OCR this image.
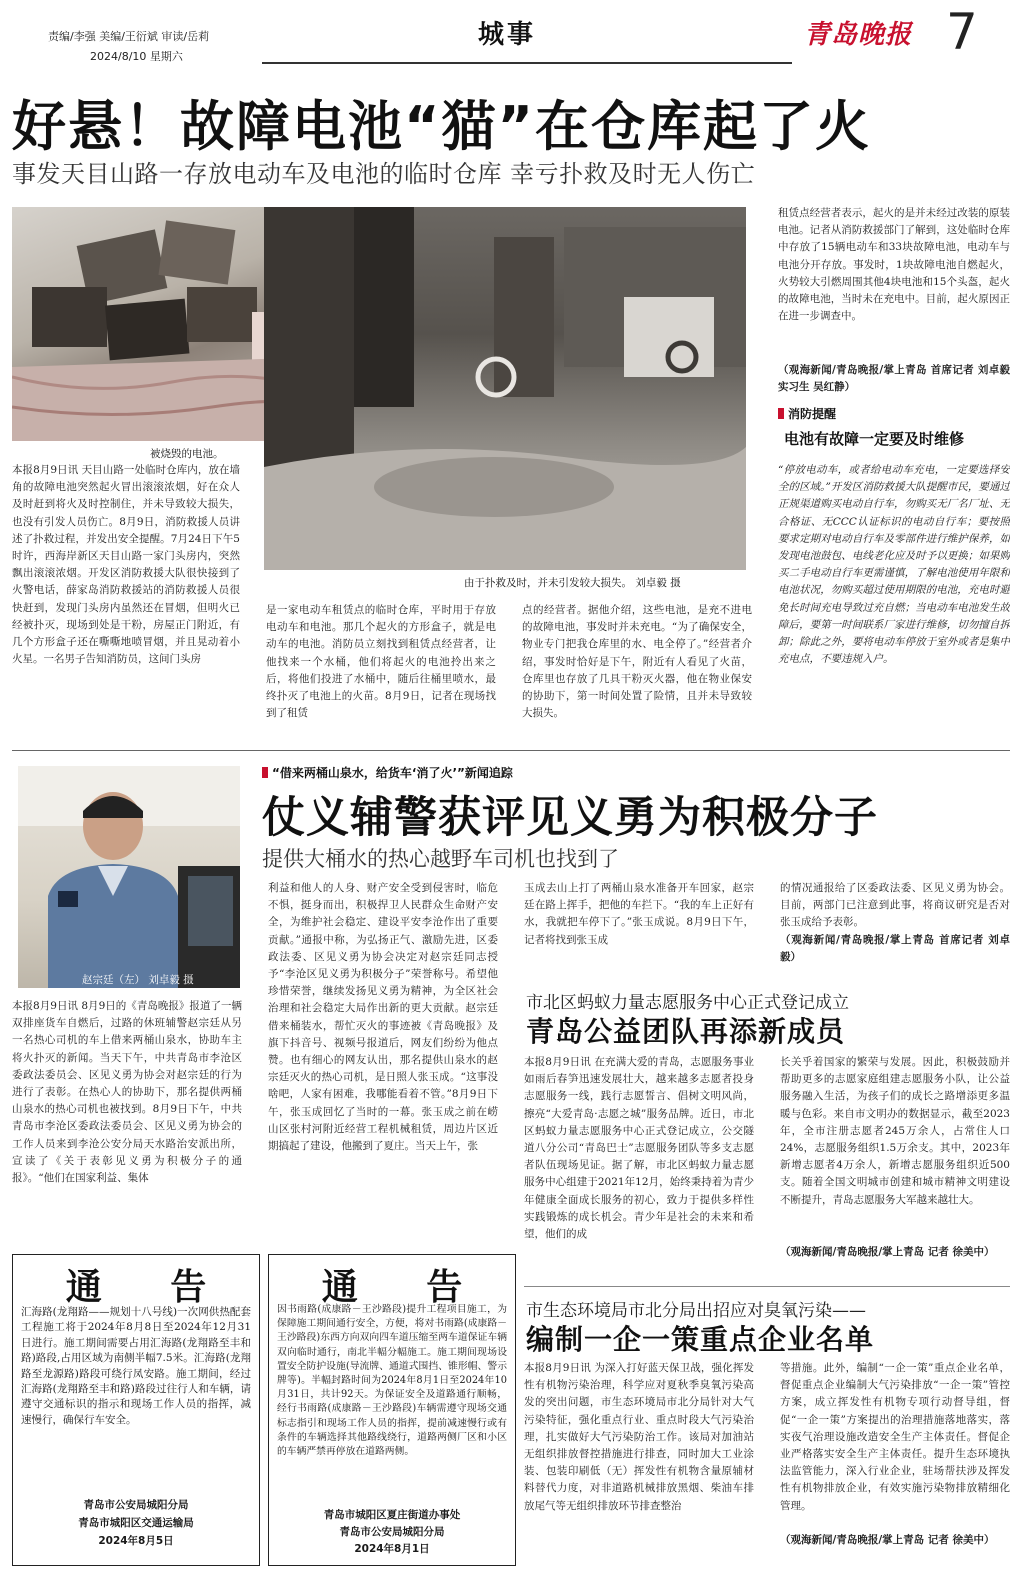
责编/李强 美编/王衍斌 审读/岳莉
2024/8/10 星期六
城事	青岛晚报 7
好悬！故障电池“猫”在仓库起了火
事发天目山路一存放电动车及电池的临时仓库 幸亏扑救及时无人伤亡
被烧毁的电池。
由于扑救及时，并未引发较大损失。 刘卓毅 摄
本报8月9日讯 天目山路一处临时仓库内，放在墙角的故障电池突然起火冒出滚滚浓烟，好在众人及时赶到将火及时控制住，并未导致较大损失，也没有引发人员伤亡。8月9日，消防救援人员讲述了扑救过程，并发出安全提醒。7月24日下午5时许，西海岸新区天目山路一家门头房内，突然飘出滚滚浓烟。开发区消防救援大队很快接到了火警电话，薛家岛消防救援站的消防救援人员很快赶到，发现门头房内虽然还在冒烟，但明火已经被扑灭，现场到处是干粉，房屋正门附近，有几个方形盒子还在嘶嘶地喷冒烟，并且晃动着小火星。一名男子告知消防员，这间门头房
是一家电动车租赁点的临时仓库，平时用于存放电动车和电池。那几个起火的方形盒子，就是电动车的电池。消防员立刻找到租赁点经营者，让他找来一个水桶，他们将起火的电池拎出来之后，将他们投进了水桶中，随后往桶里喷水，最终扑灭了电池上的火苗。8月9日，记者在现场找到了租赁
点的经营者。据他介绍，这些电池，是充不进电的故障电池，事发时并未充电。“为了确保安全，物业专门把我仓库里的水、电全停了。”经营者介绍，事发时恰好是下午，附近有人看见了火苗，仓库里也存放了几具干粉灭火器，他在物业保安的协助下，第一时间处置了险情，且并未导致较大损失。
租赁点经营者表示，起火的是并未经过改装的原装电池。记者从消防救援部门了解到，这处临时仓库中存放了15辆电动车和33块故障电池，电动车与电池分开存放。事发时，1块故障电池自燃起火，火势较大引燃周围其他4块电池和15个头盔，起火的故障电池，当时未在充电中。目前，起火原因正在进一步调查中。
（观海新闻/青岛晚报/掌上青岛 首席记者 刘卓毅 实习生 吴红静）
消防提醒
电池有故障一定要及时维修
“停放电动车，或者给电动车充电，一定要选择安全的区域。”开发区消防救援大队提醒市民，要通过正规渠道购买电动自行车，勿购买无厂名厂址、无合格证、无CCC认证标识的电动自行车；要按照要求定期对电动自行车及零部件进行维护保养，如发现电池鼓包、电线老化应及时予以更换；如果购买二手电动自行车更需谨慎，了解电池使用年限和电池状况，勿购买超过使用期限的电池，充电时避免长时间充电导致过充自燃；当电动车电池发生故障后，要第一时间联系厂家进行维修，切勿擅自拆卸；除此之外，要将电动车停放于室外或者是集中充电点，不要违规入户。
赵宗廷（左） 刘卓毅 摄
“借来两桶山泉水，给货车‘消了火’”新闻追踪
仗义辅警获评见义勇为积极分子
提供大桶水的热心越野车司机也找到了
本报8月9日讯 8月9日的《青岛晚报》报道了一辆双排座货车自燃后，过路的休班辅警赵宗廷从另一名热心司机的车上借来两桶山泉水，协助车主将火扑灭的新闻。当天下午，中共青岛市李沧区委政法委员会、区见义勇为协会对赵宗廷的行为进行了表彰。在热心人的协助下，那名提供两桶山泉水的热心司机也被找到。8月9日下午，中共青岛市李沧区委政法委员会、区见义勇为协会的工作人员来到李沧公安分局天水路治安派出所，宣读了《关于表彰见义勇为积极分子的通报》。“他们在国家利益、集体
利益和他人的人身、财产安全受到侵害时，临危不惧，挺身而出，积极捍卫人民群众生命财产安全，为维护社会稳定、建设平安李沧作出了重要贡献。”通报中称，为弘扬正气、激励先进，区委政法委、区见义勇为协会决定对赵宗廷同志授予“李沧区见义勇为积极分子”荣誉称号。希望他珍惜荣誉，继续发扬见义勇为精神，为全区社会治理和社会稳定大局作出新的更大贡献。赵宗廷借来桶装水，帮忙灭火的事迹被《青岛晚报》及旗下抖音号、视频号报道后，网友们纷纷为他点赞。也有细心的网友认出，那名提供山泉水的赵宗廷灭火的热心司机，是日照人张玉成。“这事没啥吧，人家有困难，我哪能看着不管。”8月9日下午，张玉成回忆了当时的一幕。张玉成之前在崂山区张村河附近经营工程机械租赁，周边片区近期搞起了建设，他搬到了夏庄。当天上午，张
玉成去山上打了两桶山泉水准备开车回家，赵宗廷在路上挥手，把他的车拦下。“我的车上正好有水，我就把车停下了。”张玉成说。8月9日下午，记者将找到张玉成
的情况通报给了区委政法委、区见义勇为协会。目前，两部门已注意到此事，将商议研究是否对张玉成给予表彰。
（观海新闻/青岛晚报/掌上青岛 首席记者 刘卓毅）
市北区蚂蚁力量志愿服务中心正式登记成立
青岛公益团队再添新成员
本报8月9日讯 在充满大爱的青岛，志愿服务事业如雨后春笋迅速发展壮大，越来越多志愿者投身志愿服务一线，践行志愿誓言、倡树文明风尚，擦亮“大爱青岛·志愿之城”服务品牌。近日，市北区蚂蚁力量志愿服务中心正式登记成立，公交隧道八分公司“青岛巴士”志愿服务团队等多支志愿者队伍现场见证。据了解，市北区蚂蚁力量志愿服务中心组建于2021年12月，始终秉持着为青少年健康全面成长服务的初心，致力于提供多样性实践锻炼的成长机会。青少年是社会的未来和希望，他们的成
长关乎着国家的繁荣与发展。因此，积极鼓励并帮助更多的志愿家庭组建志愿服务小队，让公益服务融入生活，为孩子们的成长之路增添更多温暖与色彩。来自市文明办的数据显示，截至2023年，全市注册志愿者245万余人，占常住人口24%，志愿服务组织1.5万余支。其中，2023年新增志愿者4万余人，新增志愿服务组织近500支。随着全国文明城市创建和城市精神文明建设不断提升，青岛志愿服务大军越来越壮大。
（观海新闻/青岛晚报/掌上青岛 记者 徐美中）
市生态环境局市北分局出招应对臭氧污染——
编制一企一策重点企业名单
本报8月9日讯 为深入打好蓝天保卫战，强化挥发性有机物污染治理，科学应对夏秋季臭氧污染高发的突出问题，市生态环境局市北分局针对大气污染特征，强化重点行业、重点时段大气污染治理，扎实做好大气污染防治工作。该局对加油站无组织排放督控措施进行排查，同时加大工业涂装、包装印刷低（无）挥发性有机物含量原辅材料替代力度，对非道路机械排放黑烟、柴油车排放尾气等无组织排放环节排查整治
等措施。此外，编制“一企一策”重点企业名单，督促重点企业编制大气污染排放“一企一策”管控方案，成立挥发性有机物专项行动督导组，督促“一企一策”方案提出的治理措施落地落实，落实夜气治理设施改造安全生产主体责任。督促企业严格落实安全生产主体责任。提升生态环境执法监管能力，深入行业企业，驻场帮扶涉及挥发性有机物排放企业，有效实施污染物排放精细化管理。
（观海新闻/青岛晚报/掌上青岛 记者 徐美中）
通 告
汇海路(龙翔路——规划十八号线)一次网供热配套工程施工将于2024年8月8日至2024年12月31日进行。施工期间需要占用汇海路(龙翔路至丰和路)路段,占用区域为南侧半幅7.5米。汇海路(龙翔路至龙源路)路段可绕行凤安路。施工期间，经过汇海路(龙翔路至丰和路)路段过往行人和车辆，请遵守交通标识的指示和现场工作人员的指挥，减速慢行，确保行车安全。
青岛市公安局城阳分局
青岛市城阳区交通运输局
2024年8月5日
通 告
因书雨路(成康路－王沙路段)提升工程项目施工，为保障施工期间通行安全，方便，将对书雨路(成康路－王沙路段)东西方向双向四车道压缩至两车道保证车辆双向临时通行，南北半幅分幅施工。施工期间现场设置安全防护设施(导流牌、通道式围挡、锥形帽、警示牌等)。半幅封路时间为2024年8月1日至2024年10月31日，共计92天。为保证安全及道路通行顺畅，经行书雨路(成康路－王沙路段)车辆需遵守现场交通标志指引和现场工作人员的指挥，提前减速慢行或有条件的车辆选择其他路线绕行，道路两侧厂区和小区的车辆严禁再停放在道路两侧。
青岛市城阳区夏庄街道办事处
青岛市公安局城阳分局
2024年8月1日
